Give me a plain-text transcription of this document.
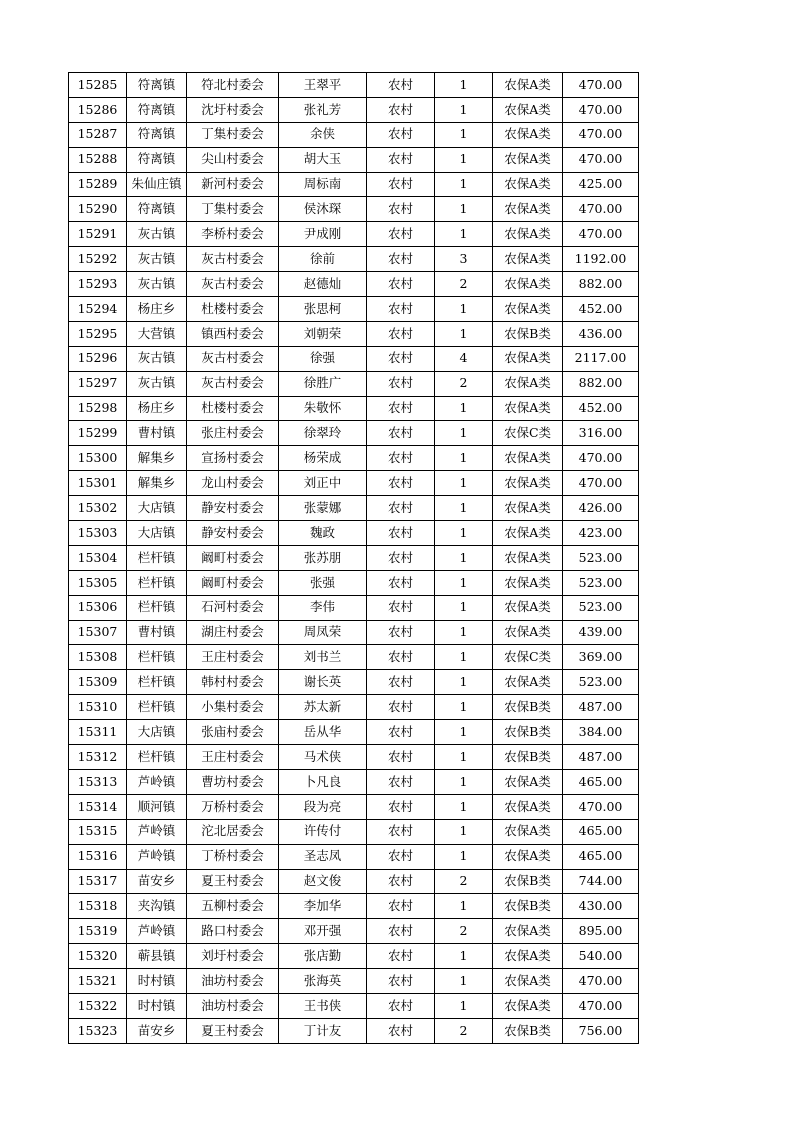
15285	符离镇	符北村委会	王翠平	农村	1	农保A类	470.00
15286	符离镇	沈圩村委会	张礼芳	农村	1	农保A类	470.00
15287	符离镇	丁集村委会	余侠	农村	1	农保A类	470.00
15288	符离镇	尖山村委会	胡大玉	农村	1	农保A类	470.00
15289	朱仙庄镇	新河村委会	周标南	农村	1	农保A类	425.00
15290	符离镇	丁集村委会	侯沐琛	农村	1	农保A类	470.00
15291	灰古镇	李桥村委会	尹成刚	农村	1	农保A类	470.00
15292	灰古镇	灰古村委会	徐前	农村	3	农保A类	1192.00
15293	灰古镇	灰古村委会	赵德灿	农村	2	农保A类	882.00
15294	杨庄乡	杜楼村委会	张思柯	农村	1	农保A类	452.00
15295	大营镇	镇西村委会	刘朝荣	农村	1	农保B类	436.00
15296	灰古镇	灰古村委会	徐强	农村	4	农保A类	2117.00
15297	灰古镇	灰古村委会	徐胜广	农村	2	农保A类	882.00
15298	杨庄乡	杜楼村委会	朱敬怀	农村	1	农保A类	452.00
15299	曹村镇	张庄村委会	徐翠玲	农村	1	农保C类	316.00
15300	解集乡	宣扬村委会	杨荣成	农村	1	农保A类	470.00
15301	解集乡	龙山村委会	刘正中	农村	1	农保A类	470.00
15302	大店镇	静安村委会	张蒙娜	农村	1	农保A类	426.00
15303	大店镇	静安村委会	魏政	农村	1	农保A类	423.00
15304	栏杆镇	阚町村委会	张苏朋	农村	1	农保A类	523.00
15305	栏杆镇	阚町村委会	张强	农村	1	农保A类	523.00
15306	栏杆镇	石河村委会	李伟	农村	1	农保A类	523.00
15307	曹村镇	湖庄村委会	周凤荣	农村	1	农保A类	439.00
15308	栏杆镇	王庄村委会	刘书兰	农村	1	农保C类	369.00
15309	栏杆镇	韩村村委会	谢长英	农村	1	农保A类	523.00
15310	栏杆镇	小集村委会	苏太新	农村	1	农保B类	487.00
15311	大店镇	张庙村委会	岳从华	农村	1	农保B类	384.00
15312	栏杆镇	王庄村委会	马术侠	农村	1	农保B类	487.00
15313	芦岭镇	曹坊村委会	卜凡良	农村	1	农保A类	465.00
15314	顺河镇	万桥村委会	段为亮	农村	1	农保A类	470.00
15315	芦岭镇	沱北居委会	许传付	农村	1	农保A类	465.00
15316	芦岭镇	丁桥村委会	圣志凤	农村	1	农保A类	465.00
15317	苗安乡	夏王村委会	赵文俊	农村	2	农保B类	744.00
15318	夹沟镇	五柳村委会	李加华	农村	1	农保B类	430.00
15319	芦岭镇	路口村委会	邓开强	农村	2	农保A类	895.00
15320	蕲县镇	刘圩村委会	张店勤	农村	1	农保A类	540.00
15321	时村镇	油坊村委会	张海英	农村	1	农保A类	470.00
15322	时村镇	油坊村委会	王书侠	农村	1	农保A类	470.00
15323	苗安乡	夏王村委会	丁计友	农村	2	农保B类	756.00
